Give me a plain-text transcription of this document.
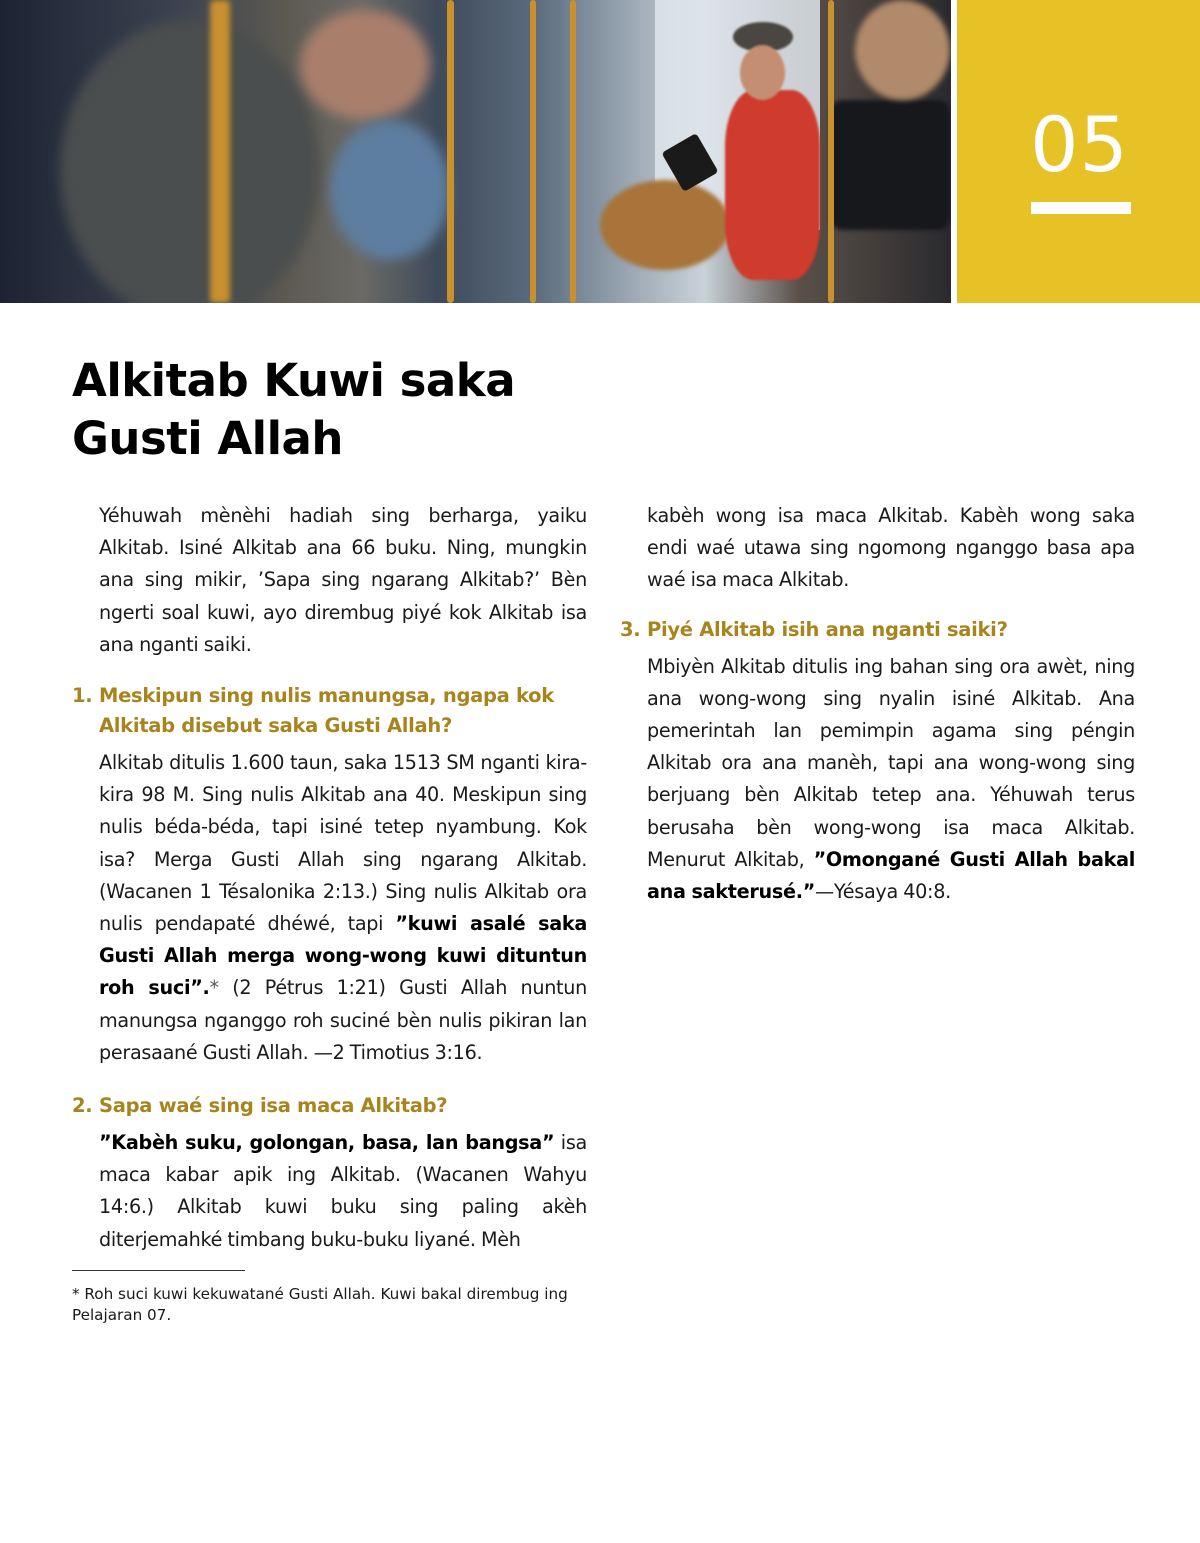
05
Alkitab Kuwi saka Gusti Allah

Yéhuwah mènèhi hadiah sing berharga, yaiku Alkitab. Isiné Alkitab ana 66 buku. Ning, mungkin ana sing mikir, ’Sapa sing ngarang Alkitab?’ Bèn ngerti soal kuwi, ayo dirembug piyé kok Alkitab isa ana nganti saiki.

1. Meskipun sing nulis manungsa, ngapa kok Alkitab disebut saka Gusti Allah?

Alkitab ditulis 1.600 taun, saka 1513 SM nganti kira-kira 98 M. Sing nulis Alkitab ana 40. Meskipun sing nulis béda-béda, tapi isiné tetep nyambung. Kok isa? Merga Gusti Allah sing ngarang Alkitab. (Wacanen 1 Tésalonika 2:13.) Sing nulis Alkitab ora nulis pendapaté dhéwé, tapi ”kuwi asalé saka Gusti Allah merga wong-wong kuwi dituntun roh suci”.* (2 Pétrus 1:21) Gusti Allah nuntun manungsa nganggo roh suciné bèn nulis pikiran lan perasaané Gusti Allah. —2 Timotius 3:16.

2. Sapa waé sing isa maca Alkitab?

”Kabèh suku, golongan, basa, lan bangsa” isa maca kabar apik ing Alkitab. (Wacanen Wahyu 14:6.) Alkitab kuwi buku sing paling akèh diterjemahké timbang buku-buku liyané. Mèh

* Roh suci kuwi kekuwatané Gusti Allah. Kuwi bakal dirembug ing Pelajaran 07.

kabèh wong isa maca Alkitab. Kabèh wong saka endi waé utawa sing ngomong nganggo basa apa waé isa maca Alkitab.

3. Piyé Alkitab isih ana nganti saiki?

Mbiyèn Alkitab ditulis ing bahan sing ora awèt, ning ana wong-wong sing nyalin isiné Alkitab. Ana pemerintah lan pemimpin agama sing péngin Alkitab ora ana manèh, tapi ana wong-wong sing berjuang bèn Alkitab tetep ana. Yéhuwah terus berusaha bèn wong-wong isa maca Alkitab. Menurut Alkitab, ”Omongané Gusti Allah bakal ana sakterusé.”—Yésaya 40:8.
